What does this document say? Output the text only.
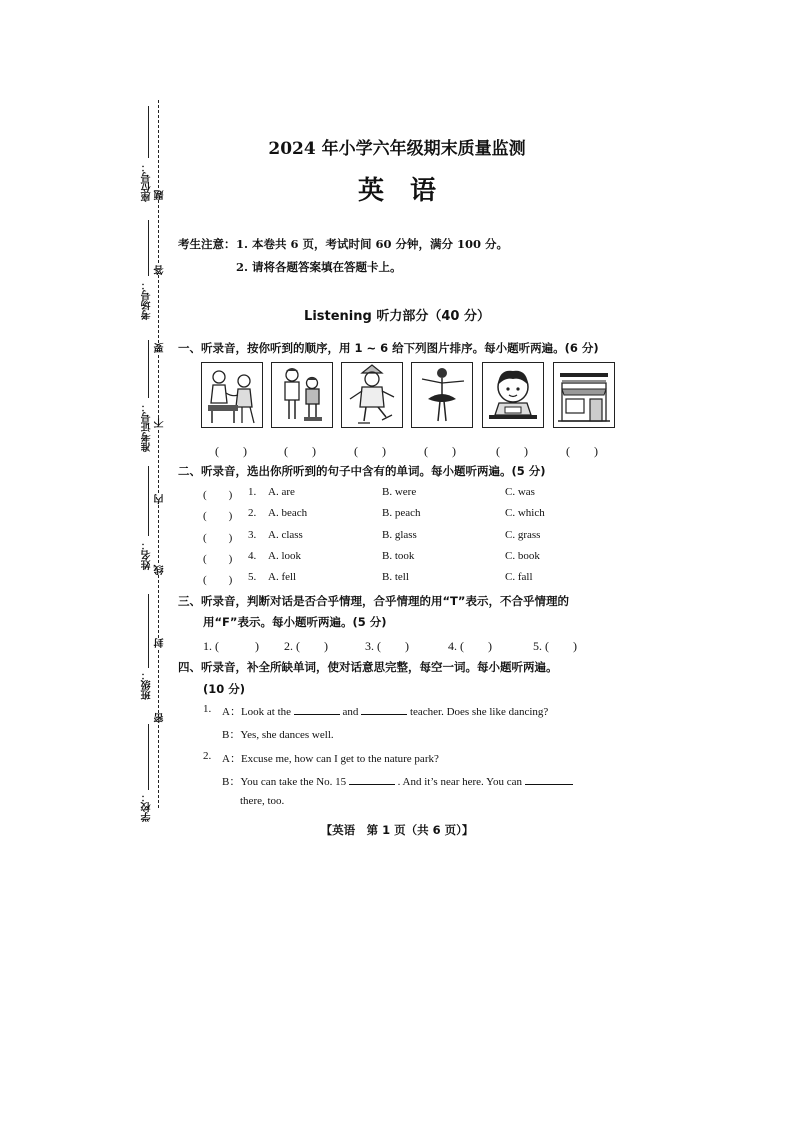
座位号：
考场号：
准考证号：
姓名：
班级：
学校：
题
答
要
不
内
线
封
密
2024 年小学六年级期末质量监测
英　语
考生注意： 1. 本卷共 6 页，考试时间 60 分钟，满分 100 分。
2. 请将各题答案填在答题卡上。
Listening 听力部分（40 分）
一、听录音，按你听到的顺序，用 1 ~ 6 给下列图片排序。每小题听两遍。(6 分)
(　　)	(　　)	(　　)	(　　)	(　　)	(　　)
二、听录音，选出你所听到的句子中含有的单词。每小题听两遍。(5 分)
(　　) 1. A. are	B. were	C. was
(　　) 2. A. beach	B. peach	C. which
(　　) 3. A. class	B. glass	C. grass
(　　) 4. A. look	B. took	C. book
(　　) 5. A. fell	B. tell	C. fall
三、听录音，判断对话是否合乎情理，合乎情理的用“T”表示，不合乎情理的
用“F”表示。每小题听两遍。(5 分)
1. (　　　) 2. (　　)	3. (　　)	4. (　　)	5. (　　)
四、听录音，补全所缺单词，使对话意思完整，每空一词。每小题听两遍。
(10 分)
1. A：Look at the	and	teacher. Does she like dancing?
B：Yes, she dances well.
2. A：Excuse me, how can I get to the nature park?
B：You can take the No. 15	. And it’s near here. You can
there, too.
【英语　第 1 页（共 6 页）】
